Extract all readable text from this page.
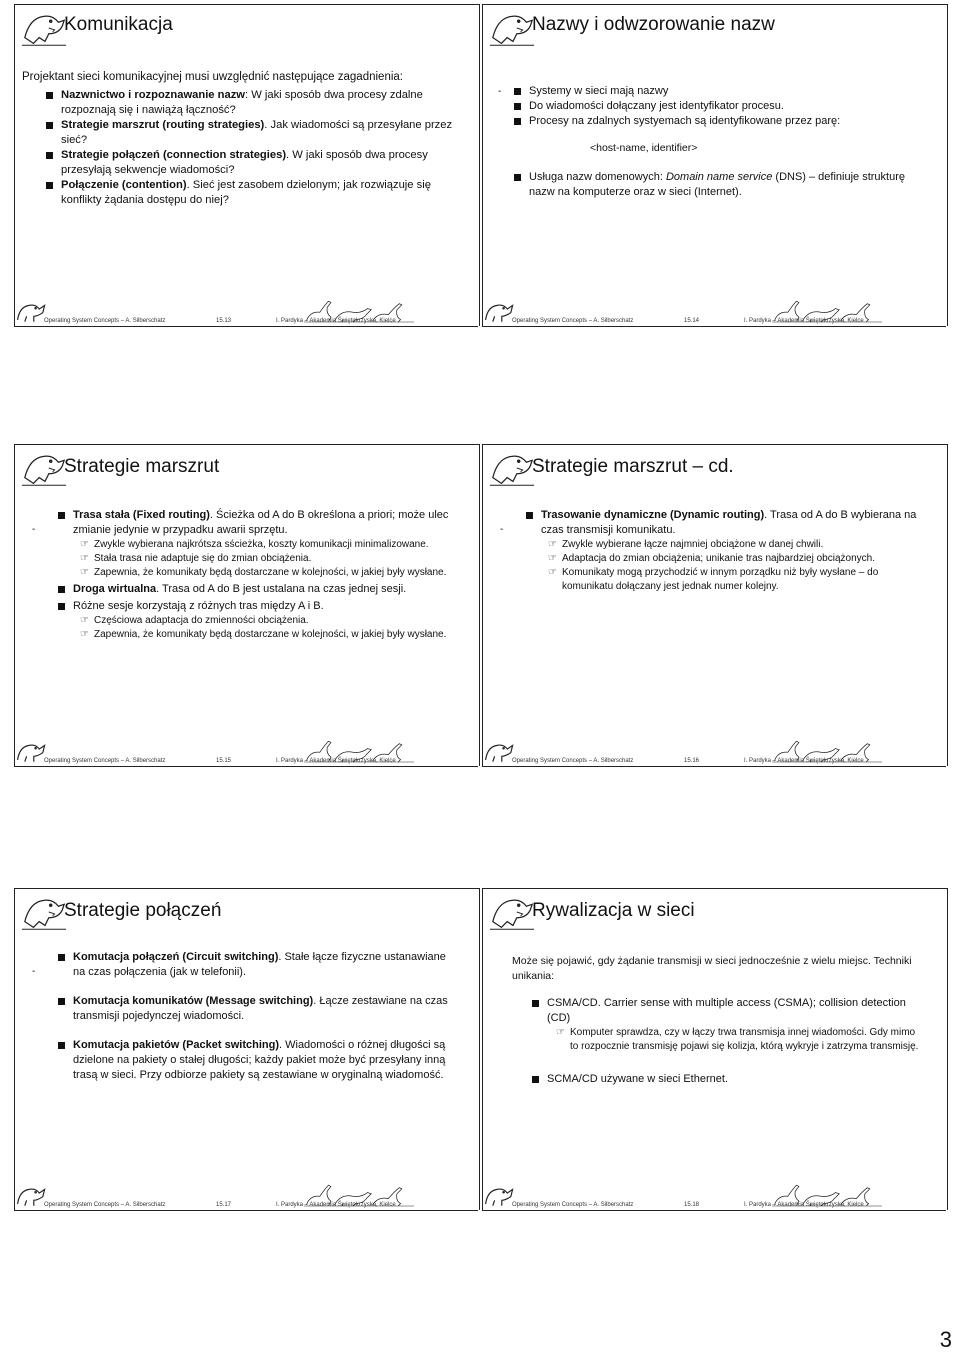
Komunikacja
Projektant sieci komunikacyjnej musi uwzględnić następujące zagadnienia:
Nazwnictwo i rozpoznawanie nazw: W jaki sposób dwa procesy zdalne rozpoznają się i nawiążą łączność?
Strategie marszrut (routing strategies). Jak wiadomości są przesyłane przez sieć?
Strategie połączeń (connection strategies). W jaki sposób dwa procesy przesyłają sekwencje wiadomości?
Połączenie (contention). Sieć jest zasobem dzielonym; jak rozwiązuje się konflikty żądania dostępu do niej?
Operating System Concepts – A. Silberschatz	15.13	I. Pardyka – Akademia Świętokrzyska, Kielce
Nazwy i odwzorowanie nazw
-	Systemy w sieci mają nazwy
Do wiadomości dołączany jest identyfikator procesu.
Procesy na zdalnych systyemach są identyfikowane przez parę:
<host-name, identifier>
Usługa nazw domenowych: Domain name service (DNS) – definiuje strukturę nazw na komputerze oraz w sieci (Internet).
Operating System Concepts – A. Silberschatz	15.14	I. Pardyka – Akademia Świętokrzyska, Kielce
Strategie marszrut
-
Trasa stała (Fixed routing). Ścieżka od A do B określona a priori; może ulec zmianie jedynie w przypadku awarii sprzętu.
☞ Zwykle wybierana najkrótsza sścieżka, koszty komunikacji minimalizowane.
☞ Stała trasa nie adaptuje się do zmian obciążenia.
☞ Zapewnia, że komunikaty będą dostarczane w kolejności, w jakiej były wysłane.
Droga wirtualna. Trasa od A do B jest ustalana na czas jednej sesji.
Różne sesje korzystają z różnych tras między A i B.
☞ Częściowa adaptacja do zmienności obciążenia.
☞ Zapewnia, że komunikaty będą dostarczane w kolejności, w jakiej były wysłane.
Operating System Concepts – A. Silberschatz	15.15	I. Pardyka – Akademia Świętokrzyska, Kielce
Strategie marszrut – cd.
-
Trasowanie dynamiczne (Dynamic routing). Trasa od A do B wybierana na czas transmisji komunikatu.
☞ Zwykle wybierane łącze najmniej obciążone w danej chwili.
☞ Adaptacja do zmian obciążenia; unikanie tras najbardziej obciążonych.
☞ Komunikaty mogą przychodzić w innym porządku niż były wysłane – do komunikatu dołączany jest jednak numer kolejny.
Operating System Concepts – A. Silberschatz	15.16	I. Pardyka – Akademia Świętokrzyska, Kielce
Strategie połączeń
-
Komutacja połączeń (Circuit switching). Stałe łącze fizyczne ustanawiane na czas połączenia (jak w telefonii).
Komutacja komunikatów (Message switching). Łącze zestawiane na czas transmisji pojedynczej wiadomości.
Komutacja pakietów (Packet switching). Wiadomości o różnej długości są dzielone na pakiety o stałej długości; każdy pakiet może być przesyłany inną trasą w sieci. Przy odbiorze pakiety są zestawiane w oryginalną wiadomość.
Operating System Concepts – A. Silberschatz	15.17	I. Pardyka – Akademia Świętokrzyska, Kielce
Rywalizacja w sieci
Może się pojawić, gdy żądanie transmisji w sieci jednocześnie z wielu miejsc. Techniki unikania:
CSMA/CD. Carrier sense with multiple access (CSMA); collision detection (CD)
☞ Komputer sprawdza, czy w łączy trwa transmisja innej wiadomości. Gdy mimo to rozpocznie transmisję pojawi się kolizja, którą wykryje i zatrzyma transmisję.
SCMA/CD używane w sieci Ethernet.
Operating System Concepts – A. Silberschatz	15.18	I. Pardyka – Akademia Świętokrzyska, Kielce
3
